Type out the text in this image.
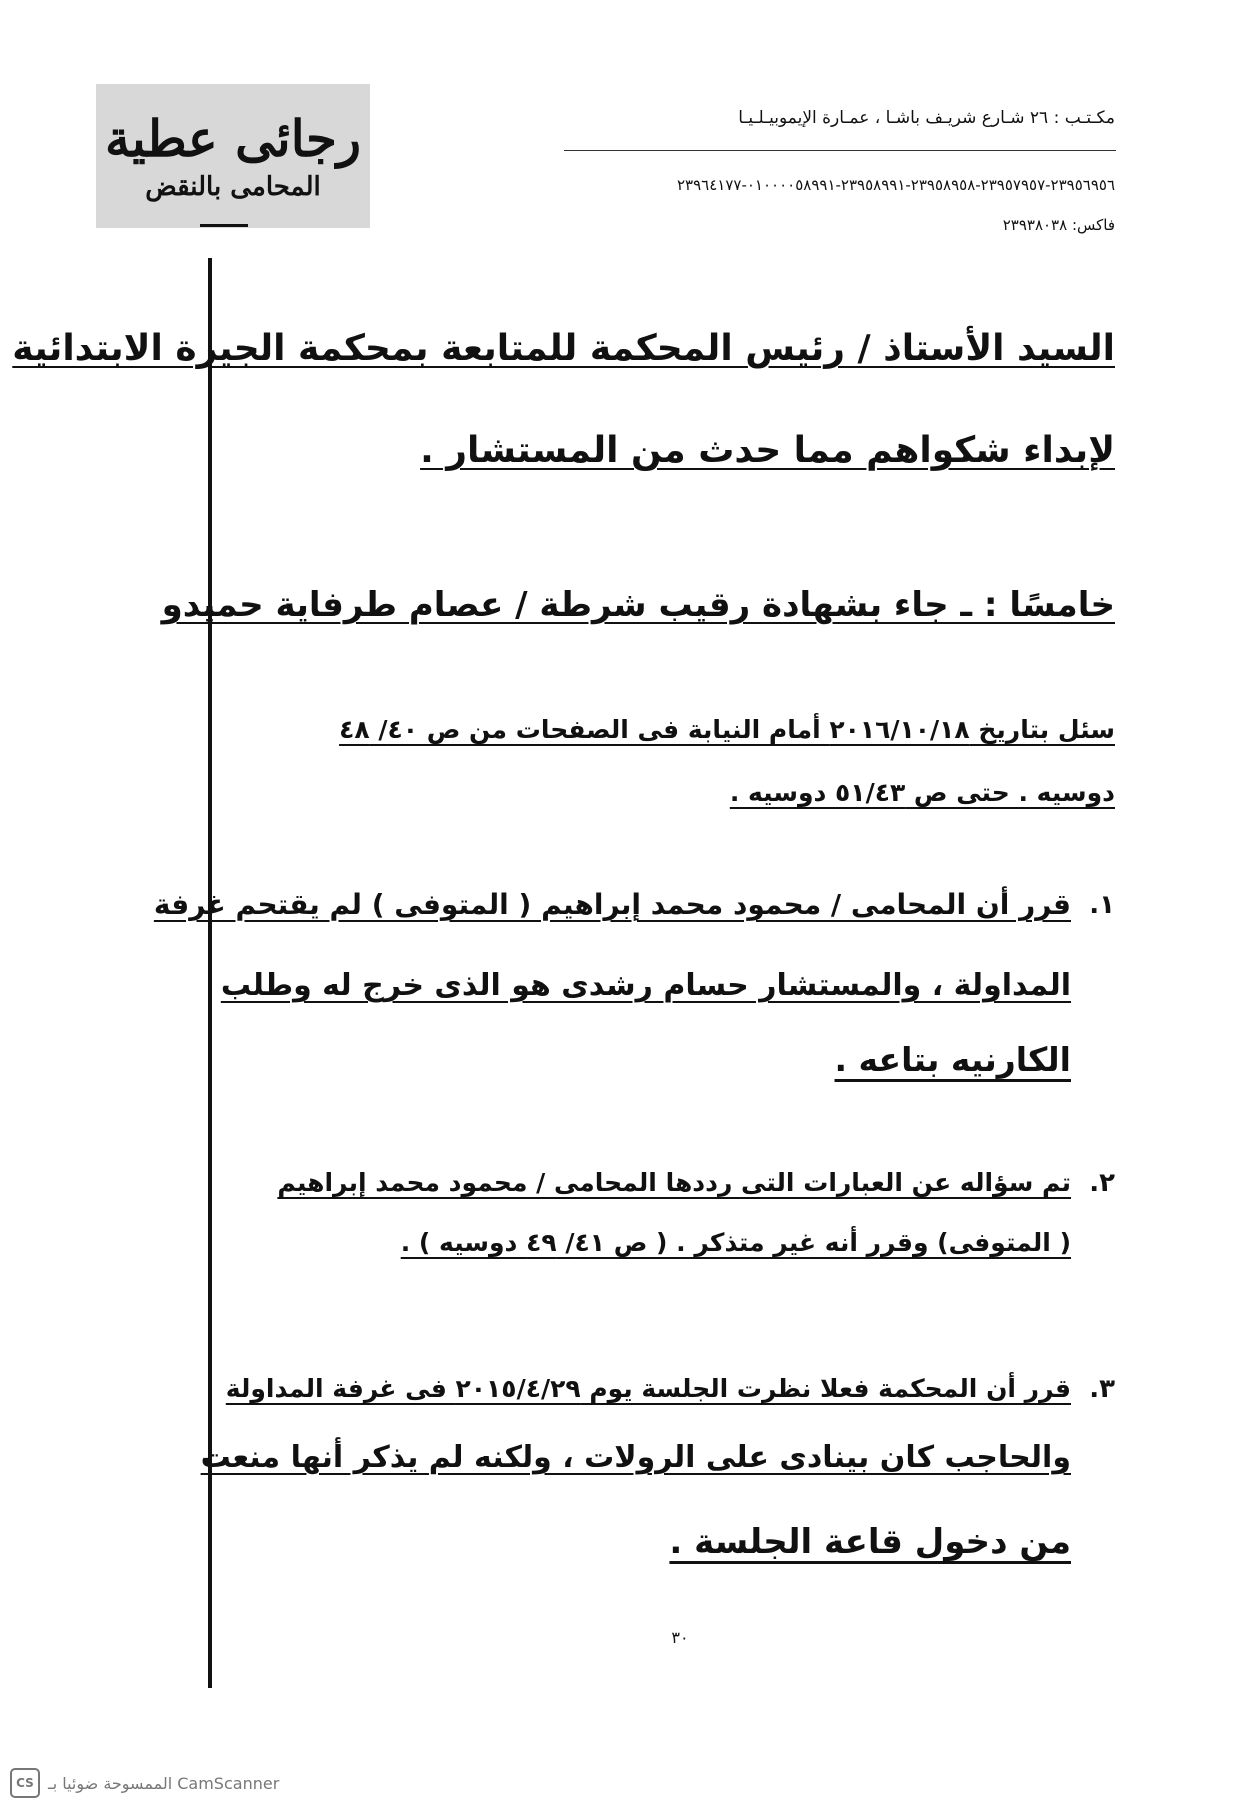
رجائى عطية
المحامى بالنقض
مكـتـب : ٢٦ شـارع شريـف باشـا ، عمـارة الإيموبيـلـيـا
٢٣٩٥٦٩٥٦-٢٣٩٥٧٩٥٧-٢٣٩٥٨٩٥٨-٢٣٩٥٨٩٩١-٠١٠٠٠٠٥٨٩٩١-٢٣٩٦٤١٧٧
فاكس: ٢٣٩٣٨٠٣٨
السيد الأستاذ / رئيس المحكمة للمتابعة بمحكمة الجيزة الابتدائية
لإبداء شكواهم مما حدث من المستشار .
خامسًا : ـ جاء بشهادة رقيب شرطة / عصام طرفاية حميدو
سئل بتاريخ ٢٠١٦/١٠/١٨ أمام النيابة فى الصفحات من ص ٤٠/ ٤٨
دوسيه . حتى ص ٥١/٤٣ دوسيه .
١.
قرر أن المحامى / محمود محمد إبراهيم ( المتوفى ) لم يقتحم غرفة
المداولة ، والمستشار حسام رشدى هو الذى خرج له وطلب
الكارنيه بتاعه .
٢.
تم سؤاله عن العبارات التى رددها المحامى / محمود محمد إبراهيم
( المتوفى) وقرر أنه غير متذكر . ( ص ٤١/ ٤٩ دوسيه ) .
٣.
قرر أن المحكمة فعلا نظرت الجلسة يوم ٢٠١٥/٤/٢٩ فى غرفة المداولة
والحاجب كان بينادى على الرولات ، ولكنه لم يذكر أنها منعت
من دخول قاعة الجلسة .
٣٠
CS الممسوحة ضوئيا بـ CamScanner
